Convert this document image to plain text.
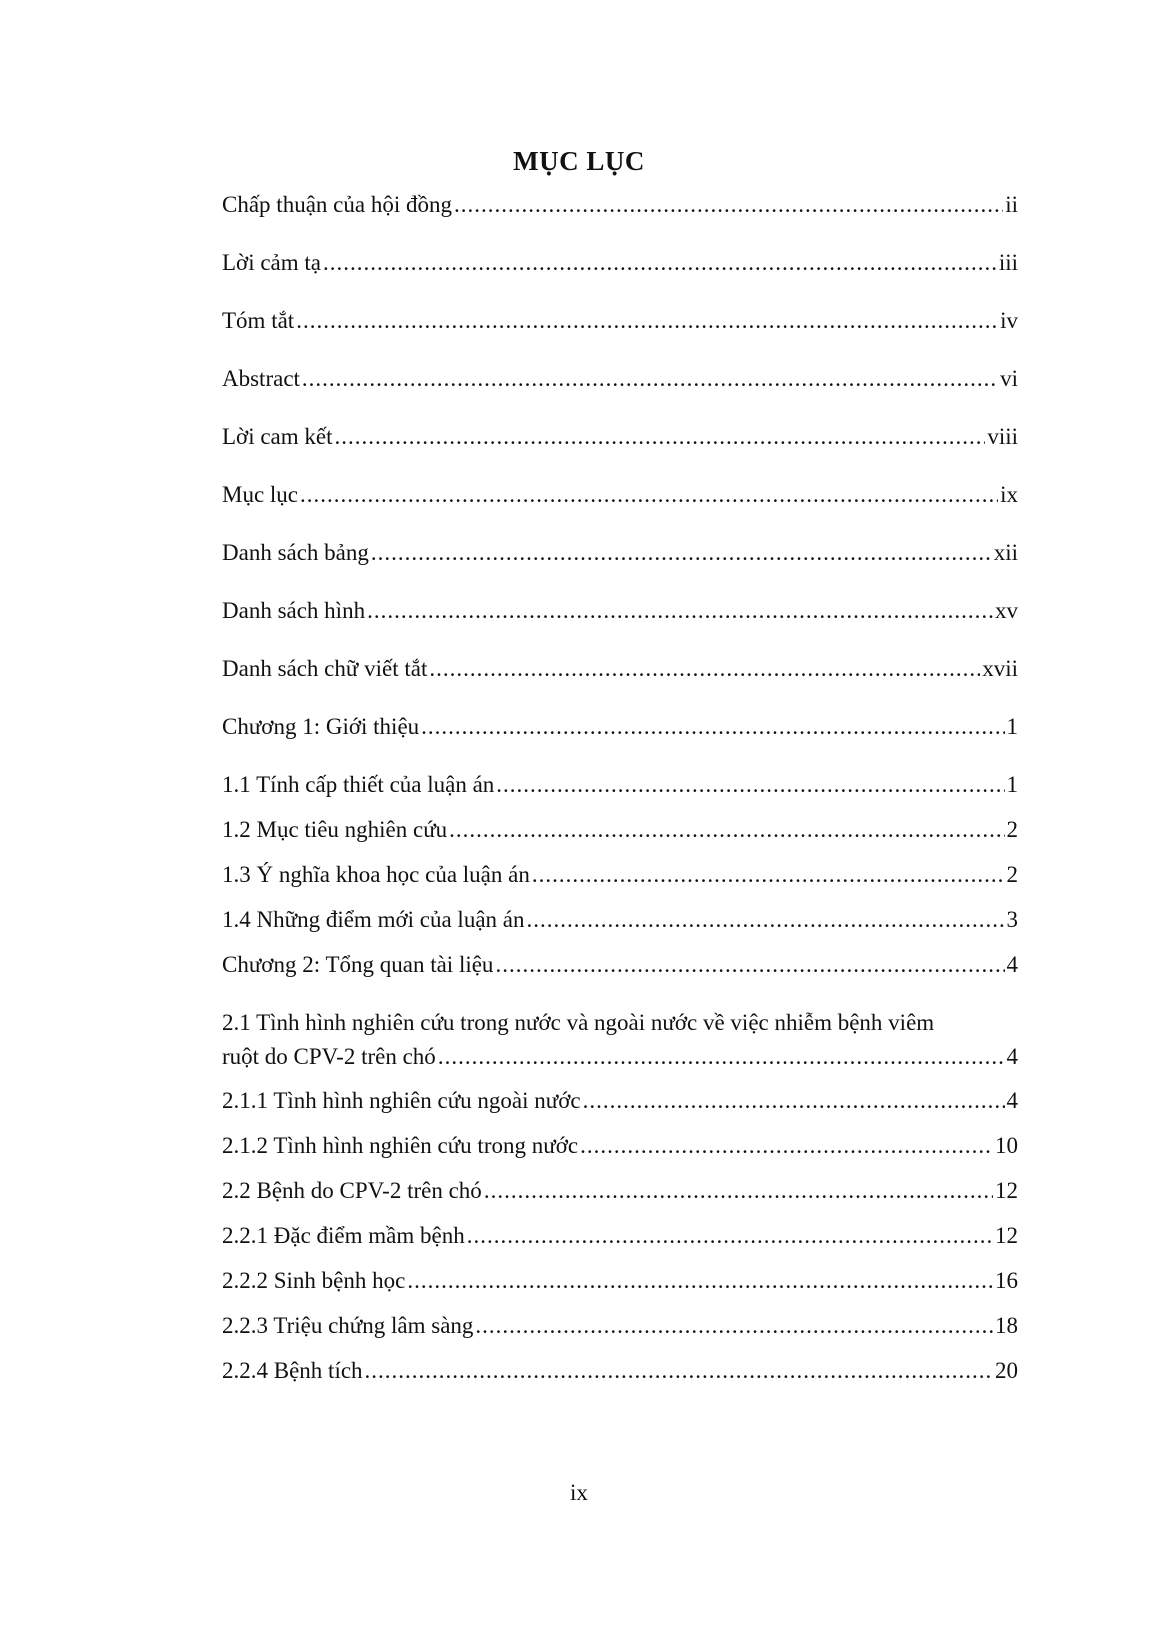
MỤC LỤC
Chấp thuận của hội đồng .....	ii
Lời cảm tạ .....	iii
Tóm tắt .....	iv
Abstract .....	vi
Lời cam kết .....	viii
Mục lục .....	ix
Danh sách bảng .....	xii
Danh sách hình .....	xv
Danh sách chữ viết tắt .....	xvii
Chương 1: Giới thiệu .....	1
1.1 Tính cấp thiết của luận án .....	1
1.2 Mục tiêu nghiên cứu .....	2
1.3 Ý nghĩa khoa học của luận án .....	2
1.4 Những điểm mới của luận án .....	3
Chương 2: Tổng quan tài liệu .....	4
2.1 Tình hình nghiên cứu trong nước và ngoài nước về việc nhiễm bệnh viêm
ruột do CPV-2 trên chó .....	4
2.1.1 Tình hình nghiên cứu ngoài nước .....	4
2.1.2 Tình hình nghiên cứu trong nước .....	10
2.2 Bệnh do CPV-2 trên chó .....	12
2.2.1 Đặc điểm mầm bệnh .....	12
2.2.2 Sinh bệnh học .....	16
2.2.3 Triệu chứng lâm sàng .....	18
2.2.4 Bệnh tích .....	20
ix
